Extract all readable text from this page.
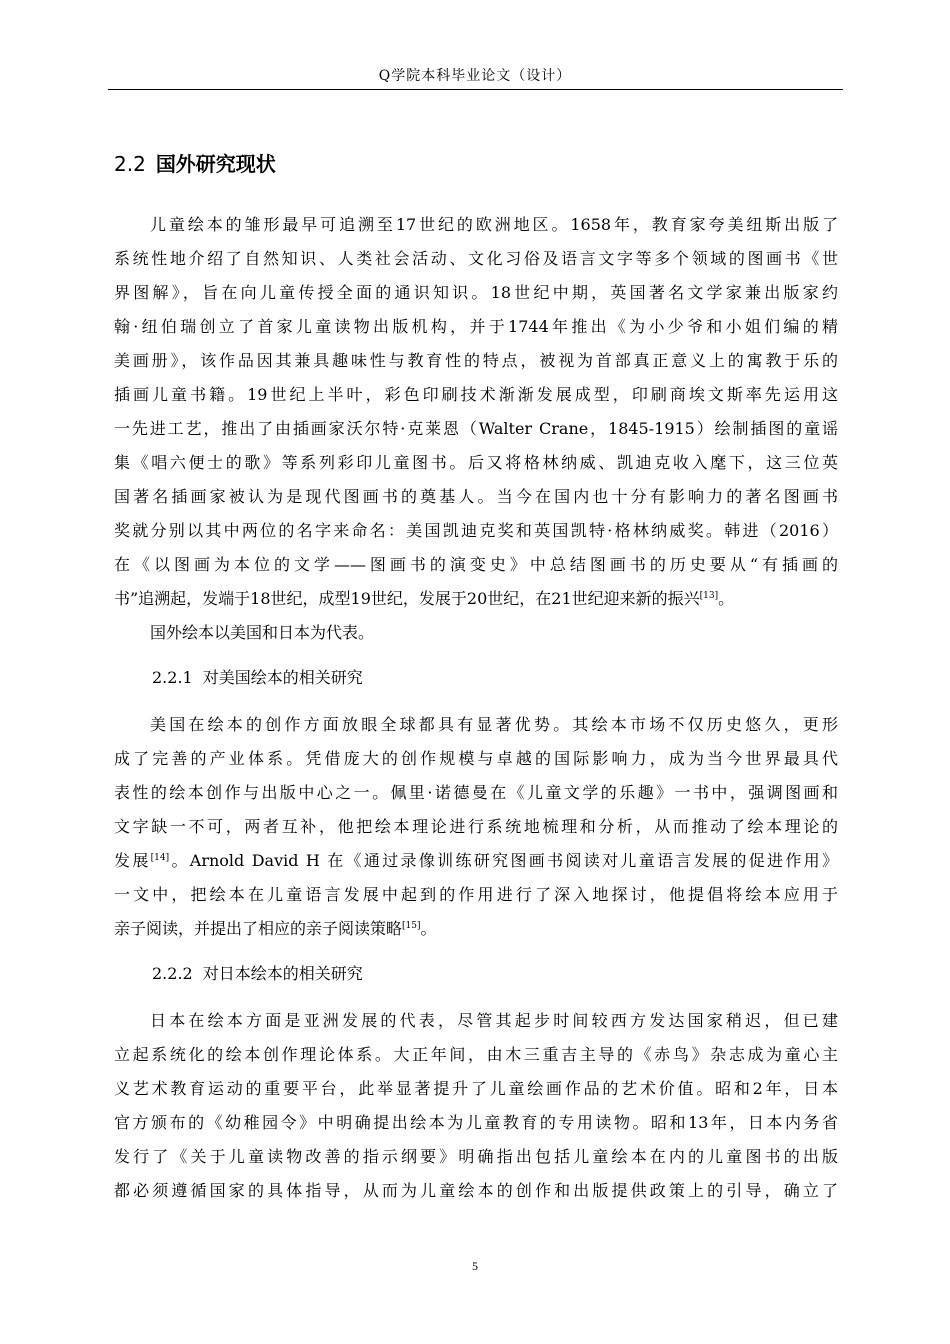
Q学院本科毕业论文（设计）
2.2 国外研究现状
儿童绘本的雏形最早可追溯至17世纪的欧洲地区。1658年，教育家夸美纽斯出版了
系统性地介绍了自然知识、人类社会活动、文化习俗及语言文字等多个领域的图画书《世
界图解》，旨在向儿童传授全面的通识知识。18世纪中期，英国著名文学家兼出版家约
翰·纽伯瑞创立了首家儿童读物出版机构，并于1744年推出《为小少爷和小姐们编的精
美画册》，该作品因其兼具趣味性与教育性的特点，被视为首部真正意义上的寓教于乐的
插画儿童书籍。19世纪上半叶，彩色印刷技术渐渐发展成型，印刷商埃文斯率先运用这
一先进工艺，推出了由插画家沃尔特·克莱恩（Walter Crane，1845-1915）绘制插图的童谣
集《唱六便士的歌》等系列彩印儿童图书。后又将格林纳威、凯迪克收入麾下，这三位英
国著名插画家被认为是现代图画书的奠基人。当今在国内也十分有影响力的著名图画书
奖就分别以其中两位的名字来命名：美国凯迪克奖和英国凯特·格林纳威奖。韩进（2016）
在《以图画为本位的文学——图画书的演变史》中总结图画书的历史要从“有插画的
书”追溯起，发端于18世纪，成型19世纪，发展于20世纪，在21世纪迎来新的振兴[13]。
国外绘本以美国和日本为代表。
2.2.1 对美国绘本的相关研究
美国在绘本的创作方面放眼全球都具有显著优势。其绘本市场不仅历史悠久，更形
成了完善的产业体系。凭借庞大的创作规模与卓越的国际影响力，成为当今世界最具代
表性的绘本创作与出版中心之一。佩里·诺德曼在《儿童文学的乐趣》一书中，强调图画和
文字缺一不可，两者互补，他把绘本理论进行系统地梳理和分析，从而推动了绘本理论的
发展[14]。Arnold David H 在《通过录像训练研究图画书阅读对儿童语言发展的促进作用》
一文中，把绘本在儿童语言发展中起到的作用进行了深入地探讨，他提倡将绘本应用于
亲子阅读，并提出了相应的亲子阅读策略[15]。
2.2.2 对日本绘本的相关研究
日本在绘本方面是亚洲发展的代表，尽管其起步时间较西方发达国家稍迟，但已建
立起系统化的绘本创作理论体系。大正年间，由木三重吉主导的《赤鸟》杂志成为童心主
义艺术教育运动的重要平台，此举显著提升了儿童绘画作品的艺术价值。昭和2年，日本
官方颁布的《幼稚园令》中明确提出绘本为儿童教育的专用读物。昭和13年，日本内务省
发行了《关于儿童读物改善的指示纲要》明确指出包括儿童绘本在内的儿童图书的出版
都必须遵循国家的具体指导，从而为儿童绘本的创作和出版提供政策上的引导，确立了
5
